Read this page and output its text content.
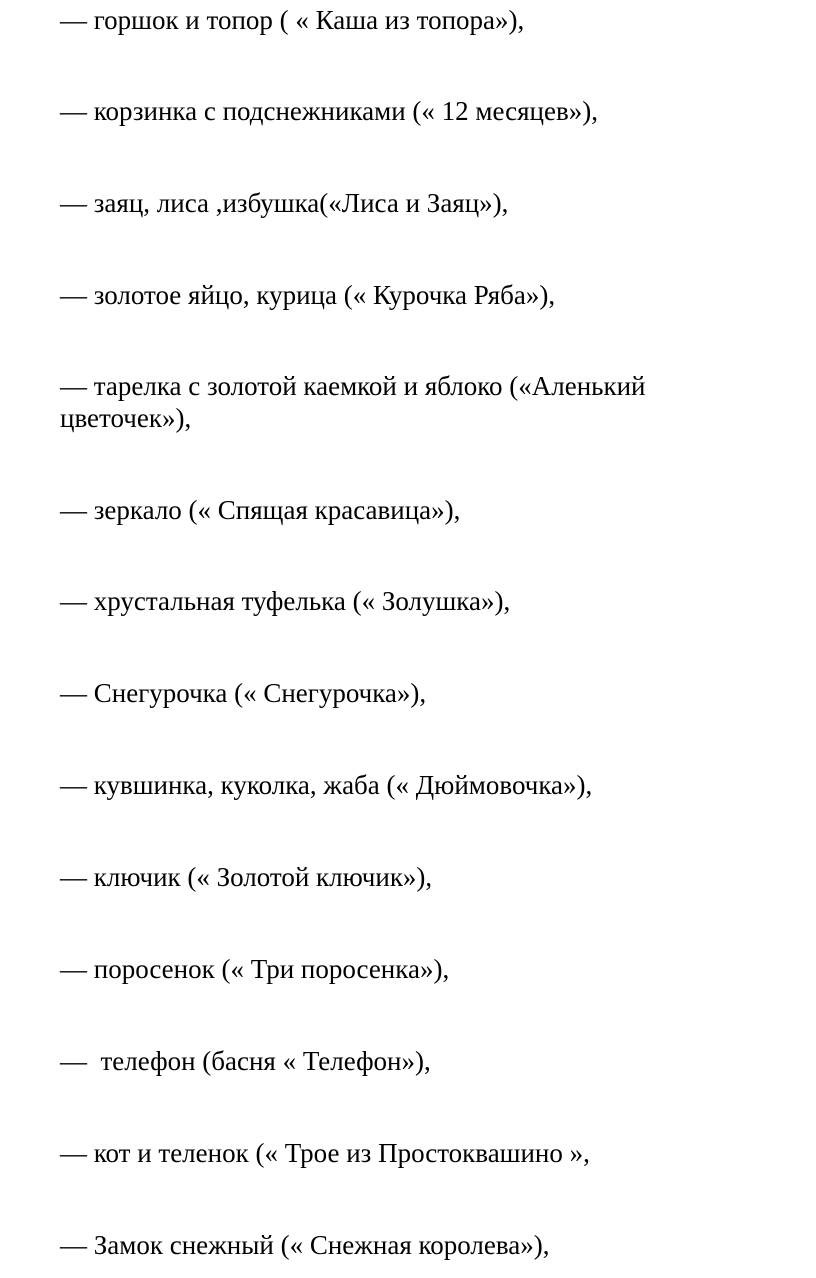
— горшок и топор ( « Каша из топора»),
— корзинка с подснежниками (« 12 месяцев»),
— заяц, лиса ,избушка(«Лиса и Заяц»),
— золотое яйцо, курица (« Курочка Ряба»),
— тарелка с золотой каемкой и яблоко («Аленький цветочек»),
— зеркало (« Спящая красавица»),
— хрустальная туфелька (« Золушка»),
— Снегурочка (« Снегурочка»),
— кувшинка, куколка, жаба (« Дюймовочка»),
— ключик (« Золотой ключик»),
— поросенок (« Три поросенка»),
—  телефон (басня « Телефон»),
— кот и теленок (« Трое из Простоквашино »,
— Замок снежный (« Снежная королева»),
